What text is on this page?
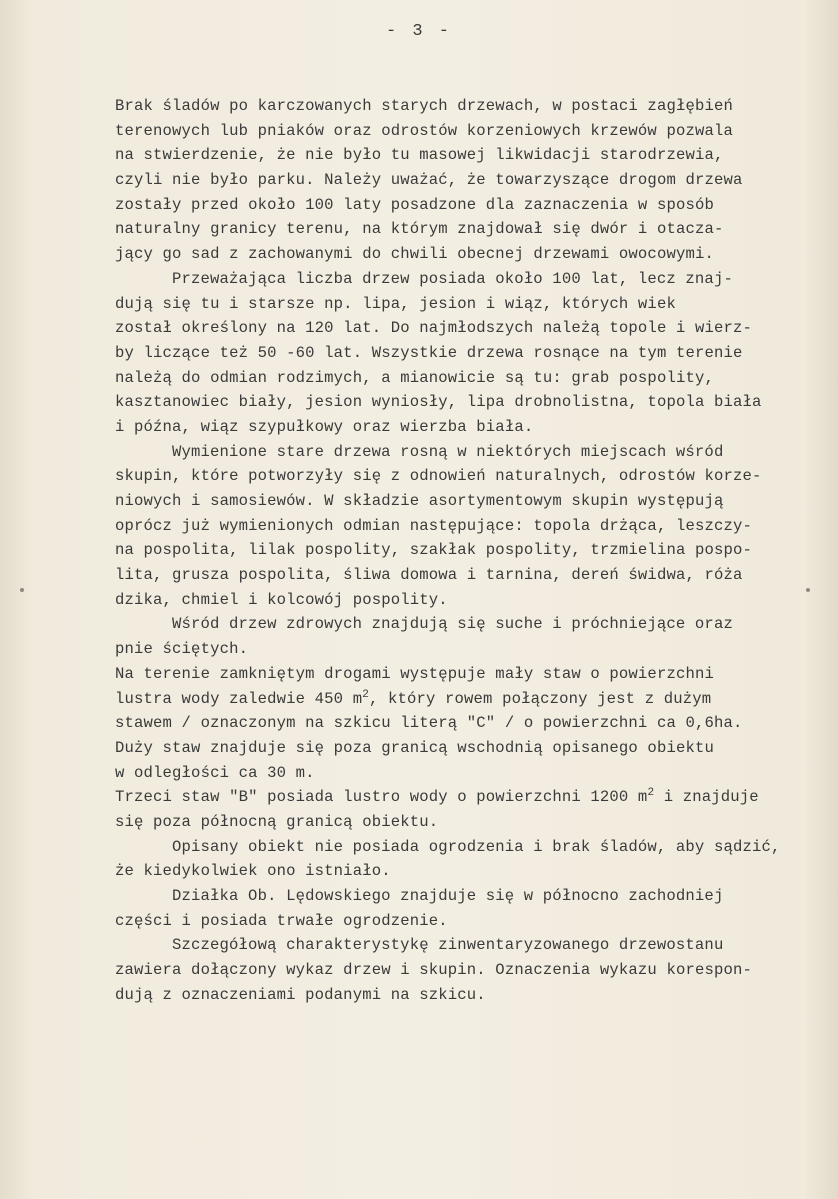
- 3 -
Brak śladów po karczowanych starych drzewach, w postaci zagłębień
terenowych lub pniaków oraz odrostów korzeniowych krzewów pozwala
na stwierdzenie, że nie było tu masowej likwidacji starodrzewia,
czyli nie było parku. Należy uważać, że towarzyszące drogom drzewa
zostały przed około 100 laty posadzone dla zaznaczenia w sposób
naturalny granicy terenu, na którym znajdował się dwór i otacza-
jący go sad z zachowanymi do chwili obecnej drzewami owocowymi.
Przeważająca liczba drzew posiada około 100 lat, lecz znaj-
dują się tu i starsze np. lipa, jesion i wiąz, których wiek
został określony na 120 lat. Do najmłodszych należą topole i wierz-
by liczące też 50 -60 lat. Wszystkie drzewa rosnące na tym terenie
należą do odmian rodzimych, a mianowicie są tu: grab pospolity,
kasztanowiec biały, jesion wyniosły, lipa drobnolistna, topola biała
i późna, wiąz szypułkowy oraz wierzba biała.
Wymienione stare drzewa rosną w niektórych miejscach wśród
skupin, które potworzyły się z odnowień naturalnych, odrostów korze-
niowych i samosiewów. W składzie asortymentowym skupin występują
oprócz już wymienionych odmian następujące: topola drżąca, leszczy-
na pospolita, lilak pospolity, szakłak pospolity, trzmielina pospo-
lita, grusza pospolita, śliwa domowa i tarnina, dereń świdwa, róża
dzika, chmiel i kolcowój pospolity.
Wśród drzew zdrowych znajdują się suche i próchniejące oraz
pnie ściętych.
Na terenie zamkniętym drogami występuje mały staw o powierzchni
lustra wody zaledwie 450 $m^2$, który rowem połączony jest z dużym
stawem / oznaczonym na szkicu literą "C" / o powierzchni ca 0,6ha.
Duży staw znajduje się poza granicą wschodnią opisanego obiektu
w odległości ca 30 m.
Trzeci staw "B" posiada lustro wody o powierzchni 1200 $m^2$ i znajduje
się poza północną granicą obiektu.
Opisany obiekt nie posiada ogrodzenia i brak śladów, aby sądzić,
że kiedykolwiek ono istniało.
Działka Ob. Lędowskiego znajduje się w północno zachodniej
części i posiada trwałe ogrodzenie.
Szczegółową charakterystykę zinwentaryzowanego drzewostanu
zawiera dołączony wykaz drzew i skupin. Oznaczenia wykazu korespon-
dują z oznaczeniami podanymi na szkicu.
